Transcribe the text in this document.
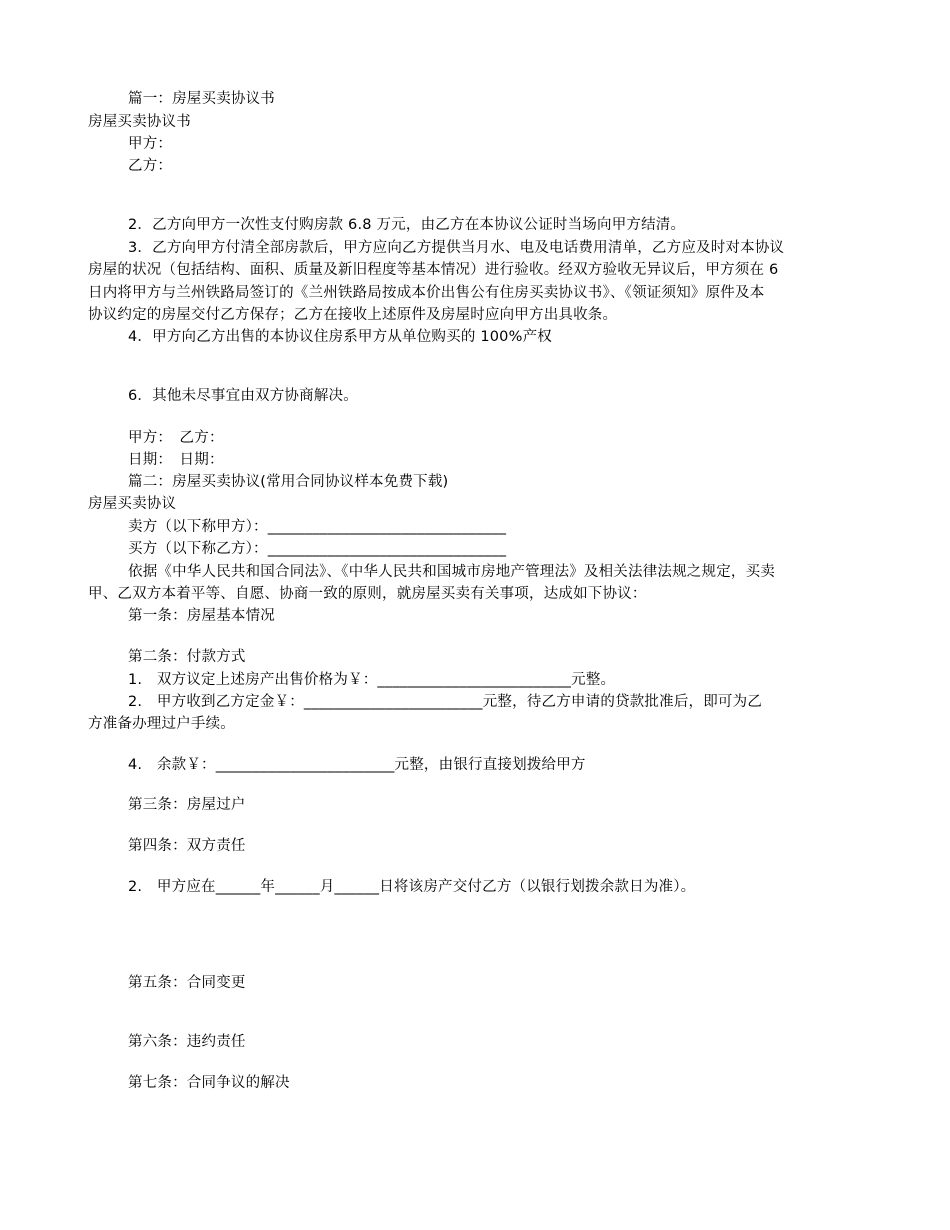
篇一：房屋买卖协议书
房屋买卖协议书
甲方：
乙方：
2．乙方向甲方一次性支付购房款 6.8 万元，由乙方在本协议公证时当场向甲方结清。
3．乙方向甲方付清全部房款后，甲方应向乙方提供当月水、电及电话费用清单，乙方应及时对本协议
房屋的状况（包括结构、面积、质量及新旧程度等基本情况）进行验收。经双方验收无异议后，甲方须在 6
日内将甲方与兰州铁路局签订的《兰州铁路局按成本价出售公有住房买卖协议书》、《领证须知》原件及本
协议约定的房屋交付乙方保存；乙方在接收上述原件及房屋时应向甲方出具收条。
4．甲方向乙方出售的本协议住房系甲方从单位购买的 100%产权
6．其他未尽事宜由双方协商解决。
甲方：　乙方：
日期：　日期：
篇二：房屋买卖协议(常用合同协议样本免费下载)
房屋买卖协议
卖方（以下称甲方）：________________________________
买方（以下称乙方）：________________________________
依据《中华人民共和国合同法》、《中华人民共和国城市房地产管理法》及相关法律法规之规定，买卖
甲、乙双方本着平等、自愿、协商一致的原则，就房屋买卖有关事项，达成如下协议：
第一条：房屋基本情况
第二条：付款方式
1.　双方议定上述房产出售价格为￥：__________________________元整。
2.　甲方收到乙方定金￥：________________________元整，待乙方申请的贷款批准后，即可为乙
方准备办理过户手续。
4.　余款￥：________________________元整，由银行直接划拨给甲方
第三条：房屋过户
第四条：双方责任
2.　甲方应在______年______月______日将该房产交付乙方（以银行划拨余款日为准）。
第五条：合同变更
第六条：违约责任
第七条：合同争议的解决
